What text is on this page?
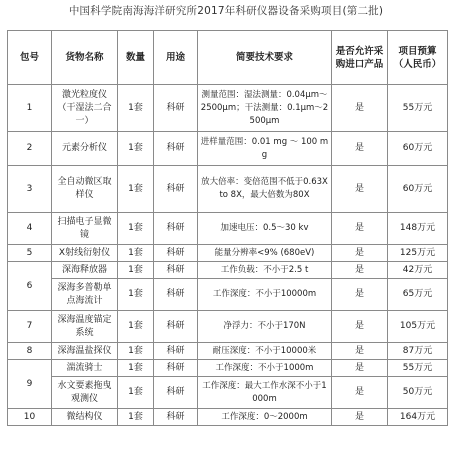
中国科学院南海海洋研究所2017年科研仪器设备采购项目(第二批)
包号	货物名称	数量	用途	简要技术要求	是否允许采购进口产品	项目预算（人民币）
1	激光粒度仪（干湿法二合一）	1套	科研	测量范围：湿法测量：0.04μm～2500μm；干法测量：0.1μm～2500μm	是	55万元
2	元素分析仪	1套	科研	进样量范围：0.01 mg ～ 100 mg	是	60万元
3	全自动微区取样仪	1套	科研	放大倍率：变倍范围不低于0.63X to 8X，最大倍数为80X	是	60万元
4	扫描电子显微镜	1套	科研	加速电压：0.5～30 kv	是	148万元
5	X射线衍射仪	1套	科研	能量分辨率<9% (680eV)	是	125万元
6	深海释放器	1套	科研	工作负载：不小于2.5 t	是	42万元
	深海多普勒单点海流计	1套	科研	工作深度：不小于10000m	是	65万元
7	深海温度锚定系统	1套	科研	净浮力：不小于170N	是	105万元
8	深海温盐探仪	1套	科研	耐压深度：不小于10000米	是	87万元
9	湍流骑士	1套	科研	工作深度：不小于1000m	是	55万元
	水文要素拖曳观测仪	1套	科研	工作深度：最大工作水深不小于1000m	是	50万元
10	微结构仪	1套	科研	工作深度：0～2000m	是	164万元
